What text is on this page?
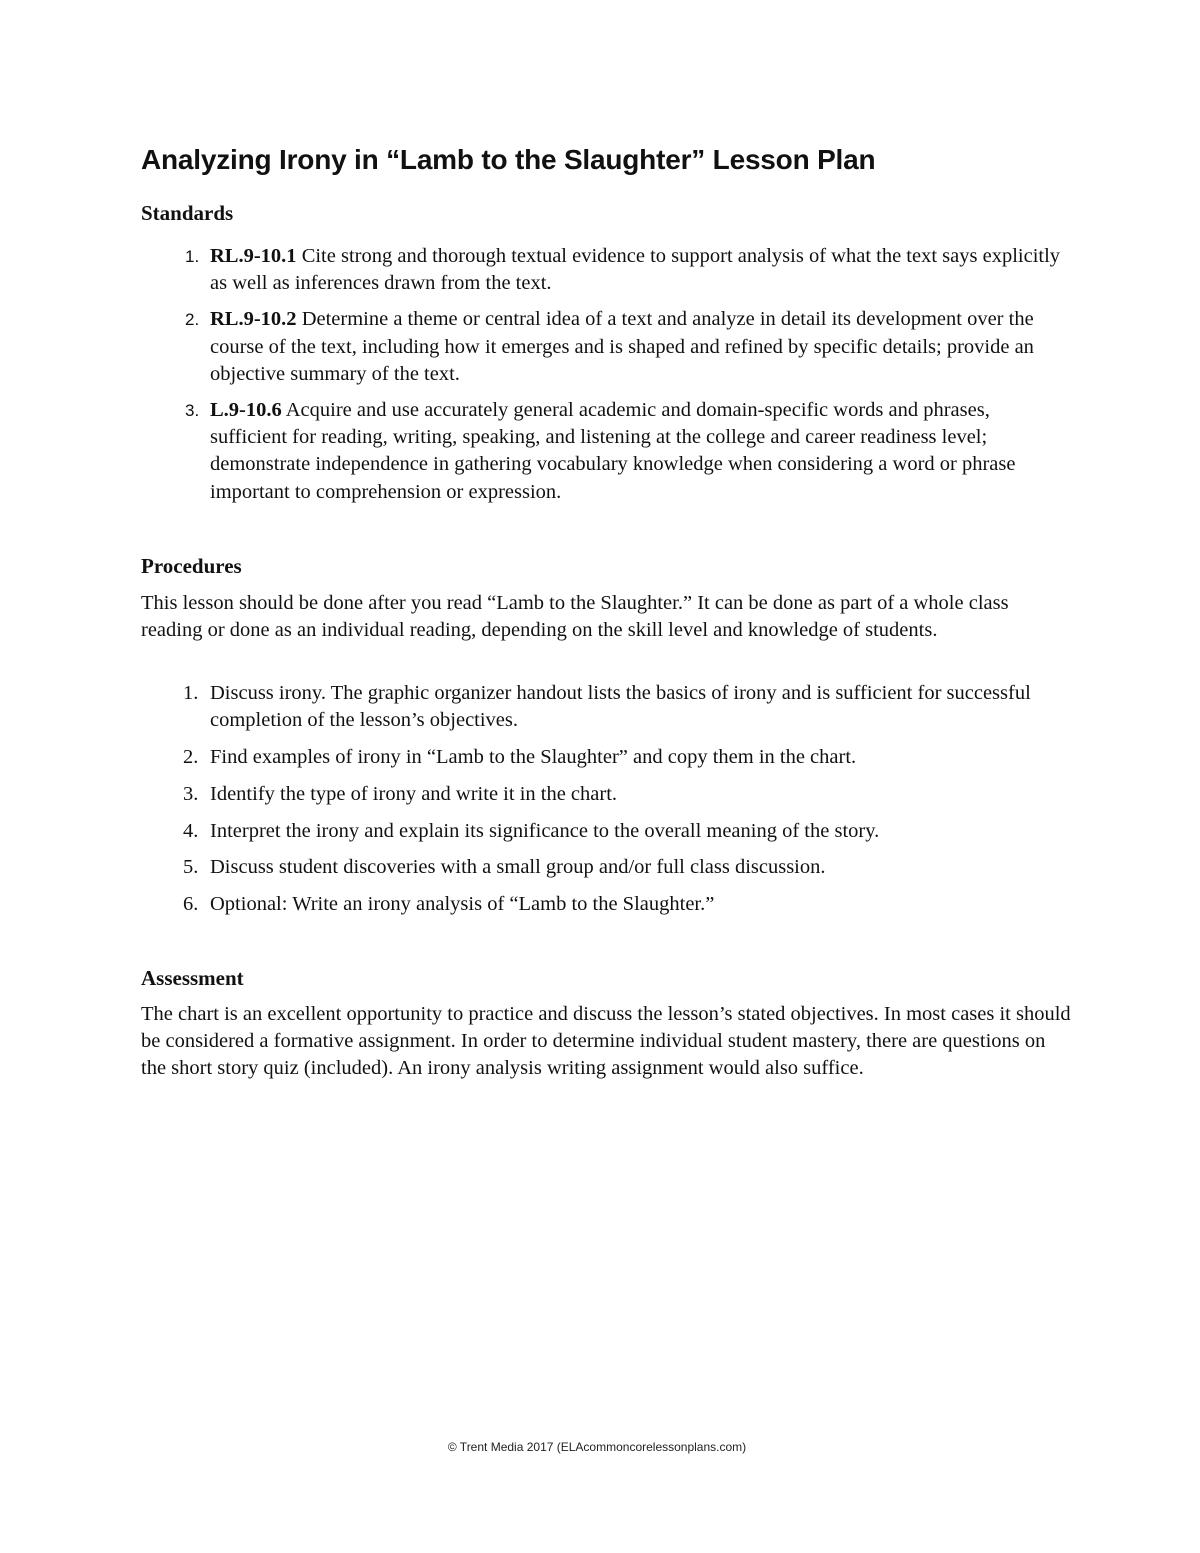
Analyzing Irony in “Lamb to the Slaughter” Lesson Plan
Standards
1. RL.9-10.1 Cite strong and thorough textual evidence to support analysis of what the text says explicitly as well as inferences drawn from the text.
2. RL.9-10.2 Determine a theme or central idea of a text and analyze in detail its development over the course of the text, including how it emerges and is shaped and refined by specific details; provide an objective summary of the text.
3. L.9-10.6 Acquire and use accurately general academic and domain-specific words and phrases, sufficient for reading, writing, speaking, and listening at the college and career readiness level; demonstrate independence in gathering vocabulary knowledge when considering a word or phrase important to comprehension or expression.
Procedures

This lesson should be done after you read “Lamb to the Slaughter.” It can be done as part of a whole class reading or done as an individual reading, depending on the skill level and knowledge of students.

1. Discuss irony. The graphic organizer handout lists the basics of irony and is sufficient for successful completion of the lesson’s objectives.
2. Find examples of irony in “Lamb to the Slaughter” and copy them in the chart.
3. Identify the type of irony and write it in the chart.
4. Interpret the irony and explain its significance to the overall meaning of the story.
5. Discuss student discoveries with a small group and/or full class discussion.
6. Optional: Write an irony analysis of “Lamb to the Slaughter.”
Assessment

The chart is an excellent opportunity to practice and discuss the lesson’s stated objectives. In most cases it should be considered a formative assignment. In order to determine individual student mastery, there are questions on the short story quiz (included). An irony analysis writing assignment would also suffice.

© Trent Media 2017 (ELAcommoncorelessonplans.com)
